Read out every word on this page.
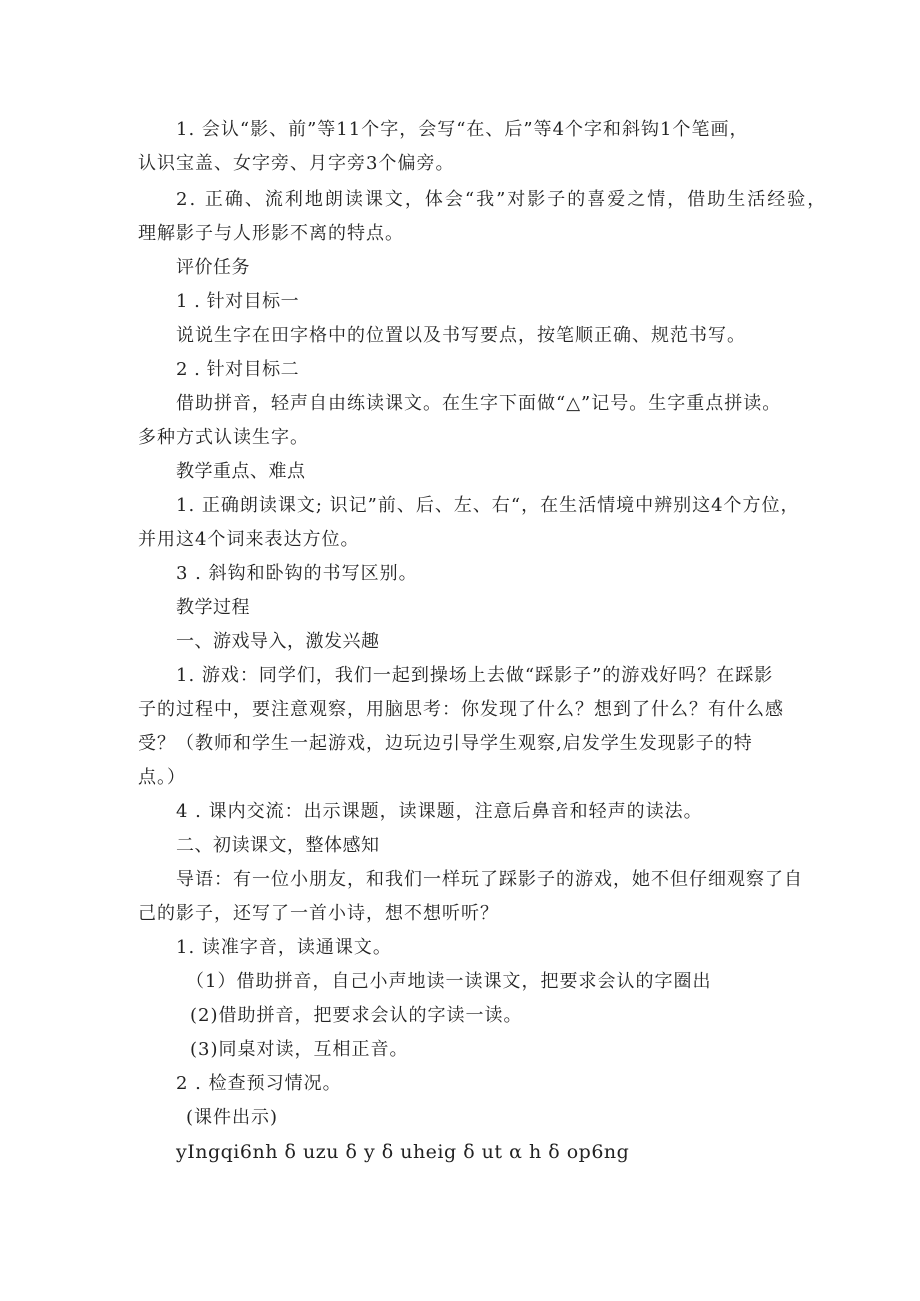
1. 会认“影、前”等11个字，会写“在、后”等4个字和斜钩1个笔画，
认识宝盖、女字旁、月字旁3个偏旁。
2. 正确、流利地朗读课文，体会“我”对影子的喜爱之情，借助生活经验，
理解影子与人形影不离的特点。
评价任务
1 . 针对目标一
说说生字在田字格中的位置以及书写要点，按笔顺正确、规范书写。
2 . 针对目标二
借助拼音，轻声自由练读课文。在生字下面做“△”记号。生字重点拼读。
多种方式认读生字。
教学重点、难点
1. 正确朗读课文; 识记”前、后、左、右“，在生活情境中辨别这4个方位，
并用这4个词来表达方位。
3 . 斜钩和卧钩的书写区别。
教学过程
一、游戏导入，激发兴趣
1. 游戏：同学们，我们一起到操场上去做“踩影子”的游戏好吗？在踩影
子的过程中，要注意观察，用脑思考：你发现了什么？想到了什么？有什么感
受？（教师和学生一起游戏，边玩边引导学生观察,启发学生发现影子的特
点。）
4 . 课内交流：出示课题，读课题，注意后鼻音和轻声的读法。
二、初读课文，整体感知
导语：有一位小朋友，和我们一样玩了踩影子的游戏，她不但仔细观察了自
己的影子，还写了一首小诗，想不想听听？
1. 读准字音，读通课文。
（1）借助拼音，自己小声地读一读课文，把要求会认的字圈出
(2)借助拼音，把要求会认的字读一读。
(3)同桌对读，互相正音。
2 . 检查预习情况。
(课件出示)
yIngqi6nh δ uzu δ y δ uheig δ ut α h δ op6ng
